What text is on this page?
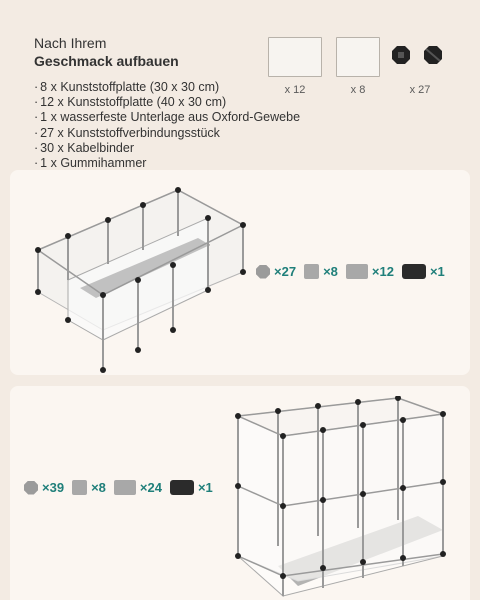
Nach Ihrem
Geschmack aufbauen
· 8 x Kunststoffplatte (30 x 30 cm)
· 12 x Kunststoffplatte (40 x 30 cm)
· 1 x wasserfeste Unterlage aus Oxford-Gewebe
· 27 x Kunststoffverbindungsstück
· 30 x Kabelbinder
· 1 x Gummihammer
x 12	x 8	x 27
×27 ×8	×12	×1
×39 ×8	×24	×1
